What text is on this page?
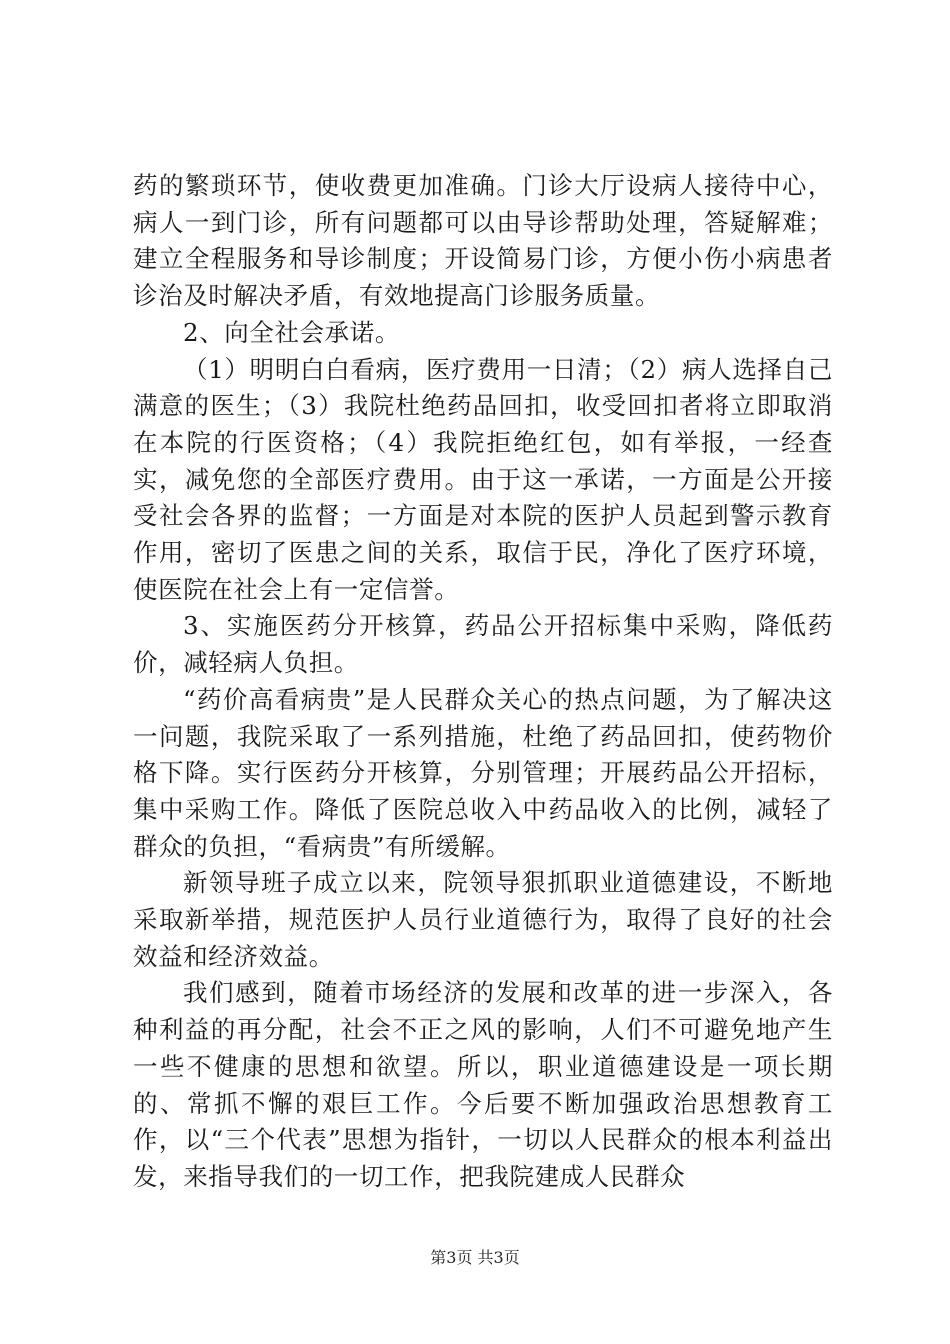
药的繁琐环节，使收费更加准确。门诊大厅设病人接待中心，病人一到门诊，所有问题都可以由导诊帮助处理，答疑解难；建立全程服务和导诊制度；开设简易门诊，方便小伤小病患者诊治及时解决矛盾，有效地提高门诊服务质量。

2、向全社会承诺。

（1）明明白白看病，医疗费用一日清；（2）病人选择自己满意的医生；（3）我院杜绝药品回扣，收受回扣者将立即取消在本院的行医资格；（4）我院拒绝红包，如有举报，一经查实，减免您的全部医疗费用。由于这一承诺，一方面是公开接受社会各界的监督；一方面是对本院的医护人员起到警示教育作用，密切了医患之间的关系，取信于民，净化了医疗环境，使医院在社会上有一定信誉。

3、实施医药分开核算，药品公开招标集中采购，降低药价，减轻病人负担。

“药价高看病贵”是人民群众关心的热点问题，为了解决这一问题，我院采取了一系列措施，杜绝了药品回扣，使药物价格下降。实行医药分开核算，分别管理；开展药品公开招标，集中采购工作。降低了医院总收入中药品收入的比例，减轻了群众的负担，“看病贵”有所缓解。

新领导班子成立以来，院领导狠抓职业道德建设，不断地采取新举措，规范医护人员行业道德行为，取得了良好的社会效益和经济效益。

我们感到，随着市场经济的发展和改革的进一步深入，各种利益的再分配，社会不正之风的影响，人们不可避免地产生一些不健康的思想和欲望。所以，职业道德建设是一项长期的、常抓不懈的艰巨工作。今后要不断加强政治思想教育工作，以“三个代表”思想为指针，一切以人民群众的根本利益出发，来指导我们的一切工作，把我院建成人民群众

第3页 共3页
